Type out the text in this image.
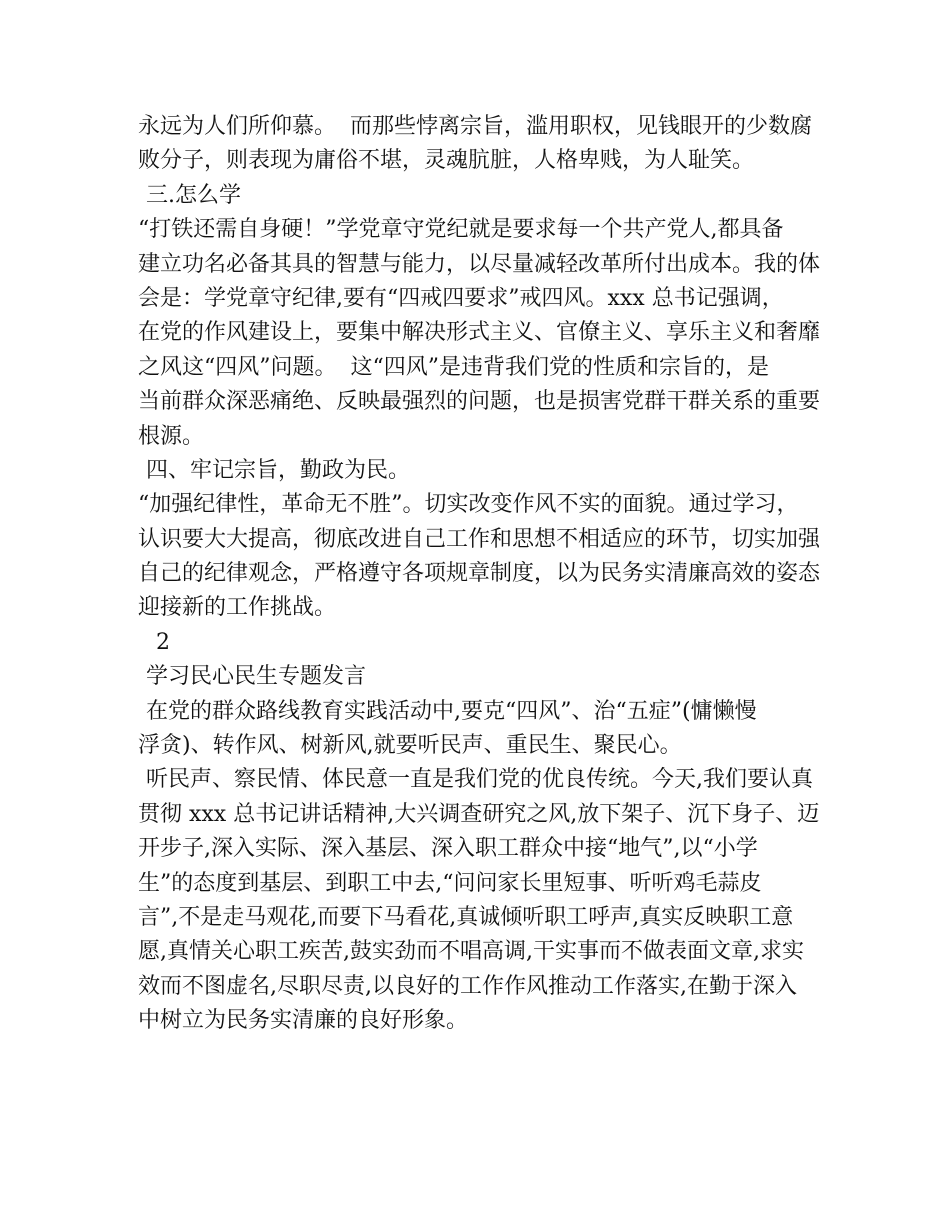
永远为人们所仰慕。  而那些悖离宗旨，滥用职权，见钱眼开的少数腐
败分子，则表现为庸俗不堪，灵魂肮脏，人格卑贱，为人耻笑。
三.怎么学
“打铁还需自身硬！”学党章守党纪就是要求每一个共产党人,都具备
建立功名必备其具的智慧与能力，以尽量减轻改革所付出成本。我的体
会是：学党章守纪律,要有“四戒四要求”戒四风。xxx 总书记强调，
在党的作风建设上，要集中解决形式主义、官僚主义、享乐主义和奢靡
之风这“四风”问题。  这“四风”是违背我们党的性质和宗旨的，是
当前群众深恶痛绝、反映最强烈的问题，也是损害党群干群关系的重要
根源。
四、牢记宗旨，勤政为民。
“加强纪律性，革命无不胜”。切实改变作风不实的面貌。通过学习，
认识要大大提高，彻底改进自己工作和思想不相适应的环节，切实加强
自己的纪律观念，严格遵守各项规章制度，以为民务实清廉高效的姿态
迎接新的工作挑战。
2
学习民心民生专题发言
在党的群众路线教育实践活动中,要克“四风”、治“五症”(慵懒慢
浮贪)、转作风、树新风,就要听民声、重民生、聚民心。
听民声、察民情、体民意一直是我们党的优良传统。今天,我们要认真
贯彻 xxx 总书记讲话精神,大兴调查研究之风,放下架子、沉下身子、迈
开步子,深入实际、深入基层、深入职工群众中接“地气”,以“小学
生”的态度到基层、到职工中去,“问问家长里短事、听听鸡毛蒜皮
言”,不是走马观花,而要下马看花,真诚倾听职工呼声,真实反映职工意
愿,真情关心职工疾苦,鼓实劲而不唱高调,干实事而不做表面文章,求实
效而不图虚名,尽职尽责,以良好的工作作风推动工作落实,在勤于深入
中树立为民务实清廉的良好形象。
